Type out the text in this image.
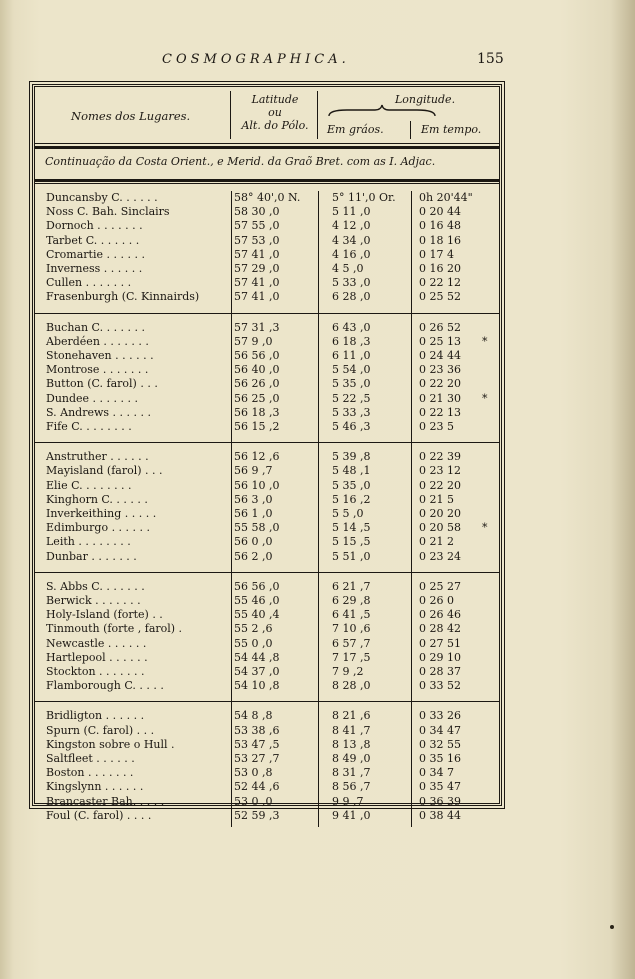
COSMOGRAPHICA.	155
Nomes dos Lugares.
Latitude
ou
Alt. do Pólo.
Longitude.
Em gráos.	Em tempo.
Continuação da Costa Orient., e Merid. da Graõ Bret. com as I. Adjac.
Duncansby C. . . . . .	58° 40',0 N.	5° 11',0 Or. 0h 20'44"
Noss C. Bah. Sinclairs	58 30 ,0	5 11 ,0	0 20 44
Dornoch . . . . . . .	57 55 ,0	4 12 ,0	0 16 48
Tarbet C. . . . . . .	57 53 ,0	4 34 ,0	0 18 16
Cromartie . . . . . .	57 41 ,0	4 16 ,0	0 17 4
Inverness . . . . . .	57 29 ,0	4 5 ,0	0 16 20
Cullen . . . . . . .	57 41 ,0	5 33 ,0	0 22 12
Frasenburgh (C. Kinnairds)	57 41 ,0	6 28 ,0	0 25 52
Buchan C. . . . . . .	57 31 ,3	6 43 ,0	0 26 52
Aberdéen . . . . . . .	57 9 ,0	6 18 ,3	0 25 13 *
Stonehaven . . . . . .	56 56 ,0	6 11 ,0	0 24 44
Montrose . . . . . . .	56 40 ,0	5 54 ,0	0 23 36
Button (C. farol) . . .	56 26 ,0	5 35 ,0	0 22 20
Dundee . . . . . . .	56 25 ,0	5 22 ,5	0 21 30 *
S. Andrews . . . . . .	56 18 ,3	5 33 ,3	0 22 13
Fife C. . . . . . . .	56 15 ,2	5 46 ,3	0 23 5
Anstruther . . . . . .	56 12 ,6	5 39 ,8	0 22 39
Mayisland (farol) . . .	56 9 ,7	5 48 ,1	0 23 12
Elie C. . . . . . . .	56 10 ,0	5 35 ,0	0 22 20
Kinghorn C. . . . . .	56 3 ,0	5 16 ,2	0 21 5
Inverkeithing . . . . .	56 1 ,0	5 5 ,0	0 20 20
Edimburgo . . . . . .	55 58 ,0	5 14 ,5	0 20 58 *
Leith . . . . . . . .	56 0 ,0	5 15 ,5	0 21 2
Dunbar . . . . . . .	56 2 ,0	5 51 ,0	0 23 24
S. Abbs C. . . . . . .	56 56 ,0	6 21 ,7	0 25 27
Berwick . . . . . . .	55 46 ,0	6 29 ,8	0 26 0
Holy-Island (forte) . .	55 40 ,4	6 41 ,5	0 26 46
Tinmouth (forte , farol) .	55 2 ,6	7 10 ,6	0 28 42
Newcastle . . . . . .	55 0 ,0	6 57 ,7	0 27 51
Hartlepool . . . . . .	54 44 ,8	7 17 ,5	0 29 10
Stockton . . . . . . .	54 37 ,0	7 9 ,2	0 28 37
Flamborough C. . . . .	54 10 ,8	8 28 ,0	0 33 52
Bridligton . . . . . .	54 8 ,8	8 21 ,6	0 33 26
Spurn (C. farol) . . .	53 38 ,6	8 41 ,7	0 34 47
Kingston sobre o Hull .	53 47 ,5	8 13 ,8	0 32 55
Saltfleet . . . . . .	53 27 ,7	8 49 ,0	0 35 16
Boston . . . . . . .	53 0 ,8	8 31 ,7	0 34 7
Kingslynn . . . . . .	52 44 ,6	8 56 ,7	0 35 47
Brancaster Bah. . . . .	53 0 ,0	9 9 ,7	0 36 39
Foul (C. farol) . . . .	52 59 ,3	9 41 ,0	0 38 44
